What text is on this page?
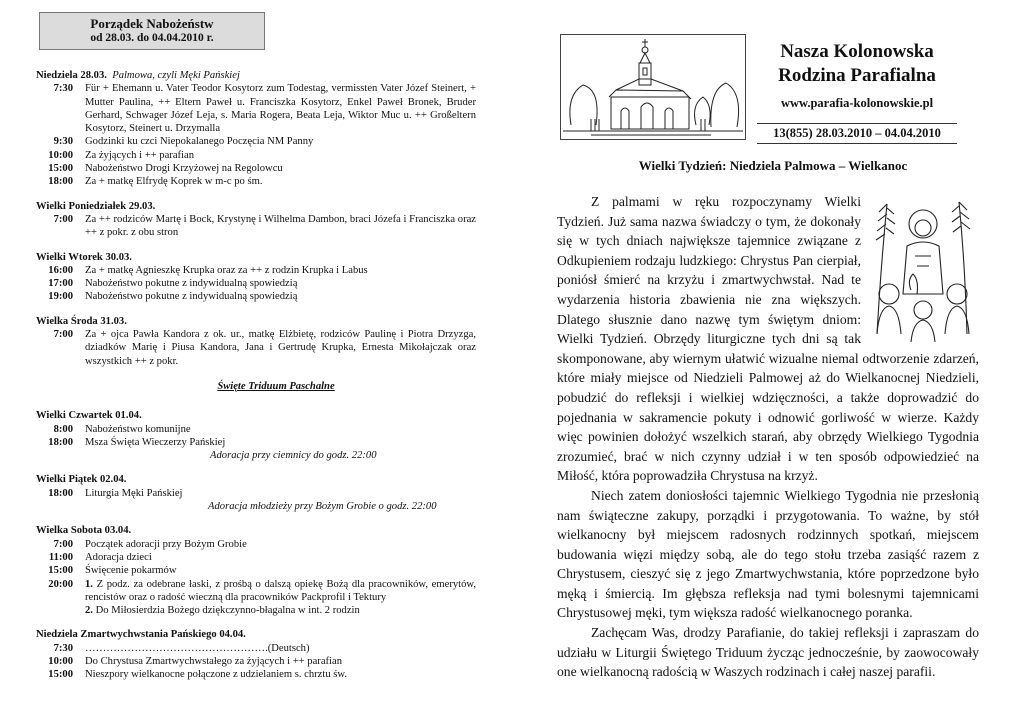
Porządek Nabożeństw
od 28.03. do 04.04.2010 r.
Niedziela 28.03. Palmowa, czyli Męki Pańskiej
7:30	Für + Ehemann u. Vater Teodor Kosytorz zum Todestag, vermissten Vater Józef Steinert, + Mutter Paulina, ++ Eltern Paweł u. Franciszka Kosytorz, Enkel Paweł Bronek, Bruder Gerhard, Schwager Józef Leja, s. Maria Rogera, Beata Leja, Wiktor Muc u. ++ Großeltern Kosytorz, Steinert u. Drzymalla
9:30	Godzinki ku czci Niepokalanego Poczęcia NM Panny
10:00	Za żyjących i ++ parafian
15:00	Nabożeństwo Drogi Krzyżowej na Regolowcu
18:00	Za + matkę Elfrydę Koprek w m-c po śm.
Wielki Poniedziałek 29.03.
7:00	Za ++ rodziców Martę i Bock, Krystynę i Wilhelma Dambon, braci Józefa i Franciszka oraz ++ z pokr. z obu stron
Wielki Wtorek 30.03.
16:00	Za + matkę Agnieszkę Krupka oraz za ++ z rodzin Krupka i Labus
17:00	Nabożeństwo pokutne z indywidualną spowiedzią
19:00	Nabożeństwo pokutne z indywidualną spowiedzią
Wielka Środa 31.03.
7:00	Za + ojca Pawła Kandora z ok. ur., matkę Elżbietę, rodziców Paulinę i Piotra Drzyzga, dziadków Marię i Piusa Kandora, Jana i Gertrudę Krupka, Ernesta Mikołajczak oraz wszystkich ++ z pokr.
Święte Triduum Paschalne
Wielki Czwartek 01.04.
8:00	Nabożeństwo komunijne
18:00	Msza Święta Wieczerzy Pańskiej
Adoracja przy ciemnicy do godz. 22:00
Wielki Piątek 02.04.
18:00	Liturgia Męki Pańskiej
Adoracja młodzieży przy Bożym Grobie o godz. 22:00
Wielka Sobota 03.04.
7:00	Początek adoracji przy Bożym Grobie
11:00	Adoracja dzieci
15:00	Święcenie pokarmów
20:00	1. Z podz. za odebrane łaski, z prośbą o dalszą opiekę Bożą dla pracowników, emerytów, rencistów oraz o radość wieczną dla pracowników Packprofil i Tektury
2. Do Miłosierdzia Bożego dziękczynno-błagalna w int. 2 rodzin
Niedziela Zmartwychwstania Pańskiego 04.04.
7:30	…………………………………………….(Deutsch)
10:00	Do Chrystusa Zmartwychwstałego za żyjących i ++ parafian
15:00	Nieszpory wielkanocne połączone z udzielaniem s. chrztu św.
Nasza Kolonowska
Rodzina Parafialna
www.parafia-kolonowskie.pl
13(855) 28.03.2010 – 04.04.2010
Wielki Tydzień: Niedziela Palmowa – Wielkanoc

Z palmami w ręku rozpoczynamy Wielki Tydzień. Już sama nazwa świadczy o tym, że dokonały się w tych dniach największe tajemnice związane z Odkupieniem rodzaju ludzkiego: Chrystus Pan cierpiał, poniósł śmierć na krzyżu i zmartwychwstał. Nad te wydarzenia historia zbawienia nie zna większych. Dlatego słusznie dano nazwę tym świętym dniom: Wielki Tydzień. Obrzędy liturgiczne tych dni są tak skomponowane, aby wiernym ułatwić wizualne niemal odtworzenie zdarzeń, które miały miejsce od Niedzieli Palmowej aż do Wielkanocnej Niedzieli, pobudzić do refleksji i wielkiej wdzięczności, a także doprowadzić do pojednania w sakramencie pokuty i odnowić gorliwość w wierze. Każdy więc powinien dołożyć wszelkich starań, aby obrzędy Wielkiego Tygodnia zrozumieć, brać w nich czynny udział i w ten sposób odpowiedzieć na Miłość, która poprowadziła Chrystusa na krzyż.

Niech zatem doniosłości tajemnic Wielkiego Tygodnia nie przesłonią nam świąteczne zakupy, porządki i przygotowania. To ważne, by stół wielkanocny był miejscem radosnych rodzinnych spotkań, miejscem budowania więzi między sobą, ale do tego stołu trzeba zasiąść razem z Chrystusem, cieszyć się z jego Zmartwychwstania, które poprzedzone było męką i śmiercią. Im głębsza refleksja nad tymi bolesnymi tajemnicami Chrystusowej męki, tym większa radość wielkanocnego poranka.

Zachęcam Was, drodzy Parafianie, do takiej refleksji i zapraszam do udziału w Liturgii Świętego Triduum życząc jednocześnie, by zaowocowały one wielkanocną radością w Waszych rodzinach i całej naszej parafii.
